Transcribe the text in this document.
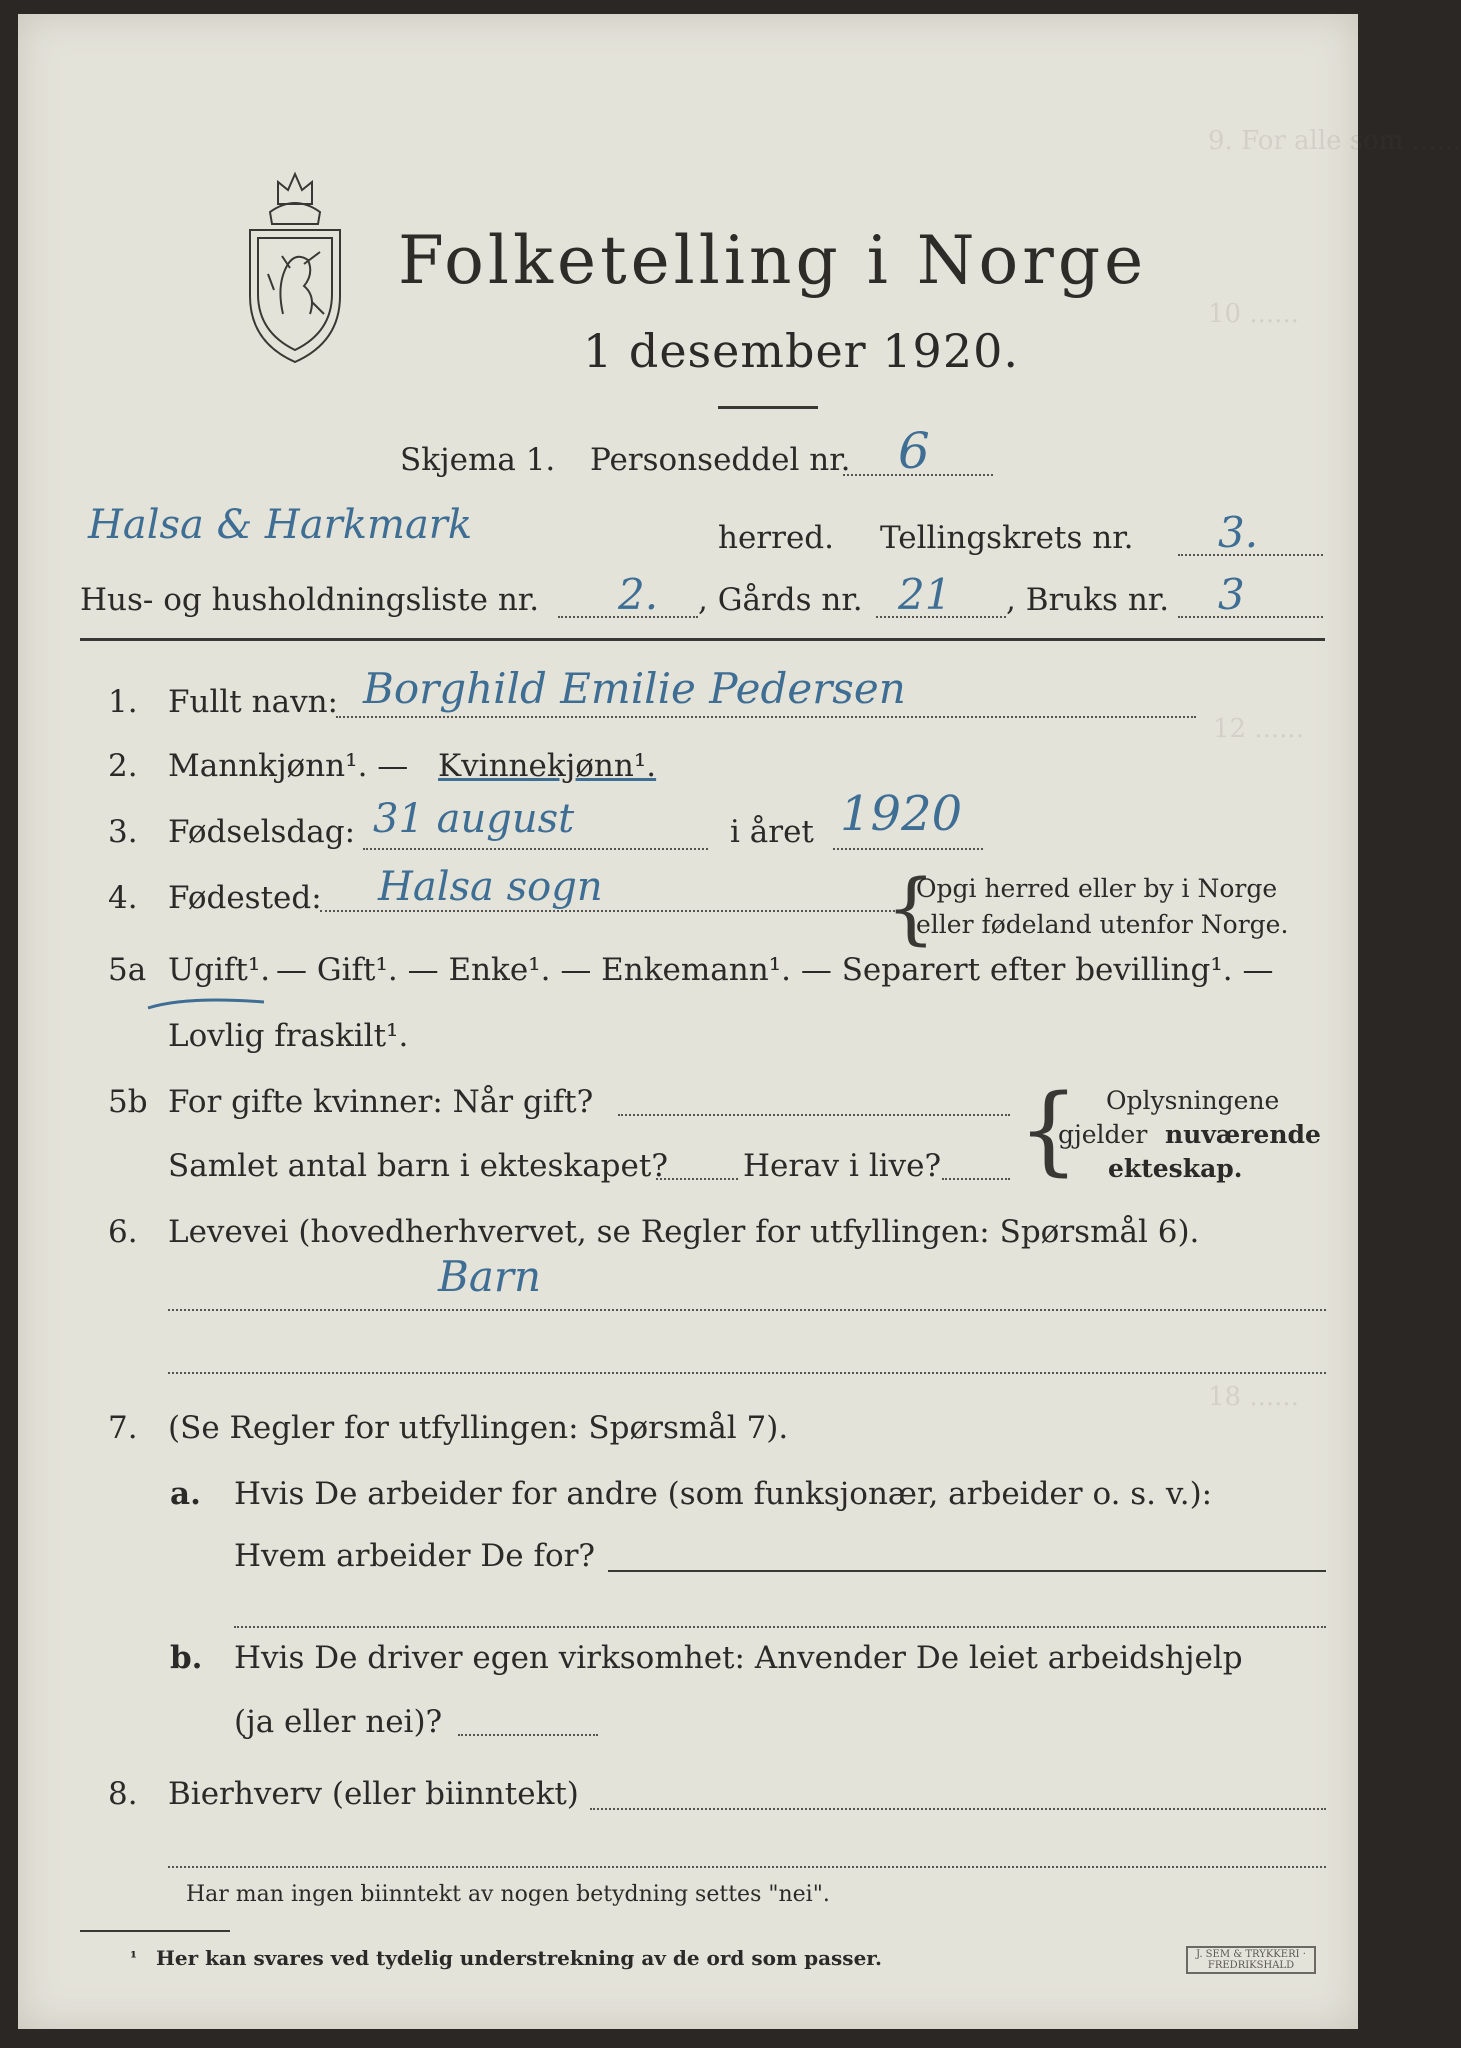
9. For alle som ......
10 ......
12 ......
18 ......
Folketelling i Norge
1 desember 1920.
Skjema 1. Personseddel nr. 6
Halsa & Harkmark	herred. Tellingskrets nr. 3.
Hus- og husholdningsliste nr. 2. , Gårds nr. 21 , Bruks nr. 3
1. Fullt navn: Borghild Emilie Pedersen
2. Mannkjønn¹. — Kvinnekjønn¹.
3. Fødselsdag: 31 august	i året 1920
4. Fødested: Halsa sogn	{
Opgi herred eller by i Norge
eller fødeland utenfor Norge.
5a Ugift¹. — Gift¹. — Enke¹. — Enkemann¹. — Separert efter bevilling¹. —
Lovlig fraskilt¹.
5b For gifte kvinner: Når gift?
Samlet antal barn i ekteskapet? Herav i live? { Oplysningene
gjelder nuværende
ekteskap.
6. Levevei (hovedherhvervet, se Regler for utfyllingen: Spørsmål 6).
Barn
7. (Se Regler for utfyllingen: Spørsmål 7).
a. Hvis De arbeider for andre (som funksjonær, arbeider o. s. v.):
Hvem arbeider De for?
b. Hvis De driver egen virksomhet: Anvender De leiet arbeidshjelp
(ja eller nei)?
8. Bierhverv (eller biinntekt)
Har man ingen biinntekt av nogen betydning settes "nei".
¹ Her kan svares ved tydelig understrekning av de ord som passer.	J. SEM & TRYKKERI · FREDRIKSHALD
